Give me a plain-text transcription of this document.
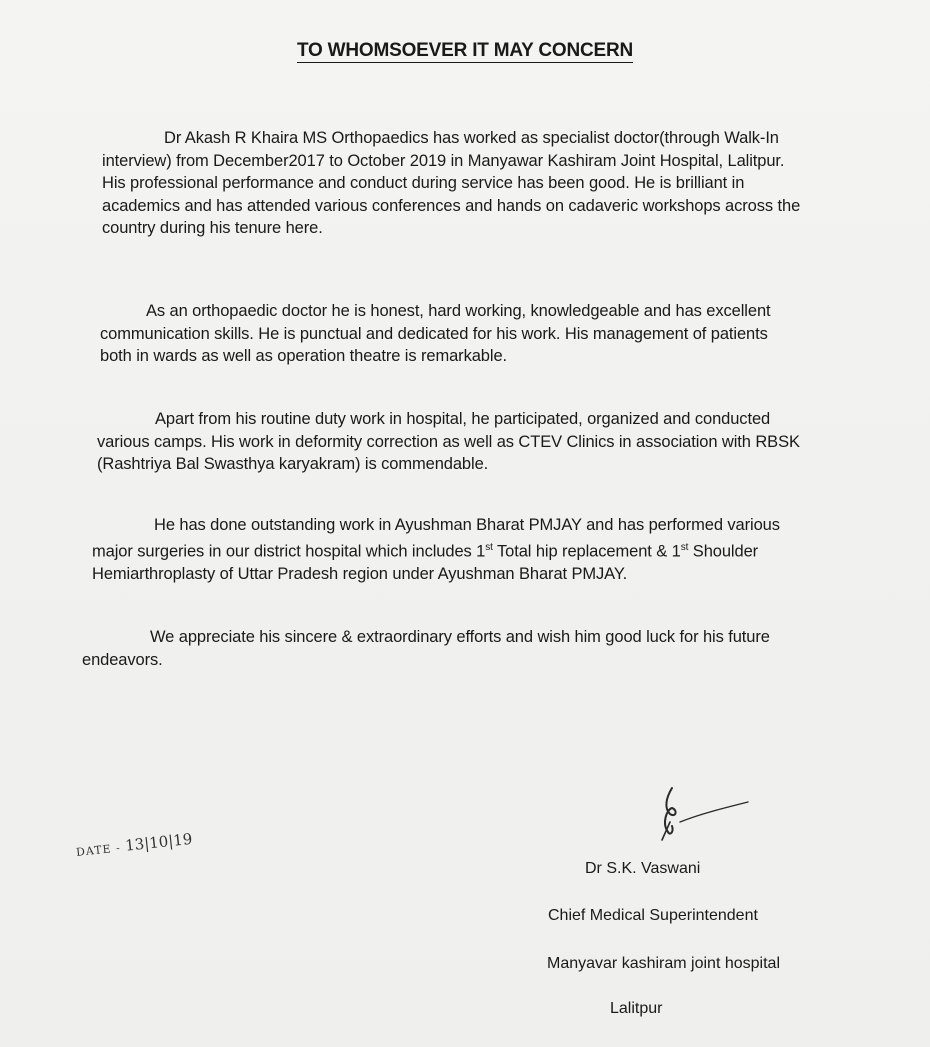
TO WHOMSOEVER IT MAY CONCERN
Dr Akash R Khaira MS Orthopaedics has worked as specialist doctor(through Walk-In
interview) from December2017 to October 2019 in Manyawar Kashiram Joint Hospital, Lalitpur.
His professional performance and conduct during service has been good. He is brilliant in
academics and has attended various conferences and hands on cadaveric workshops across the
country during his tenure here.
As an orthopaedic doctor he is honest, hard working, knowledgeable and has excellent
communication skills. He is punctual and dedicated for his work. His management of patients
both in wards as well as operation theatre is remarkable.
Apart from his routine duty work in hospital, he participated, organized and conducted
various camps. His work in deformity correction as well as CTEV Clinics in association with RBSK
(Rashtriya Bal Swasthya karyakram) is commendable.
He has done outstanding work in Ayushman Bharat PMJAY and has performed various
major surgeries in our district hospital which includes 1st Total hip replacement & 1st Shoulder
Hemiarthroplasty of Uttar Pradesh region under Ayushman Bharat PMJAY.
We appreciate his sincere & extraordinary efforts and wish him good luck for his future
endeavors.
DATE - 13|10|19
Dr S.K. Vaswani
Chief Medical Superintendent
Manyavar kashiram joint hospital
Lalitpur
